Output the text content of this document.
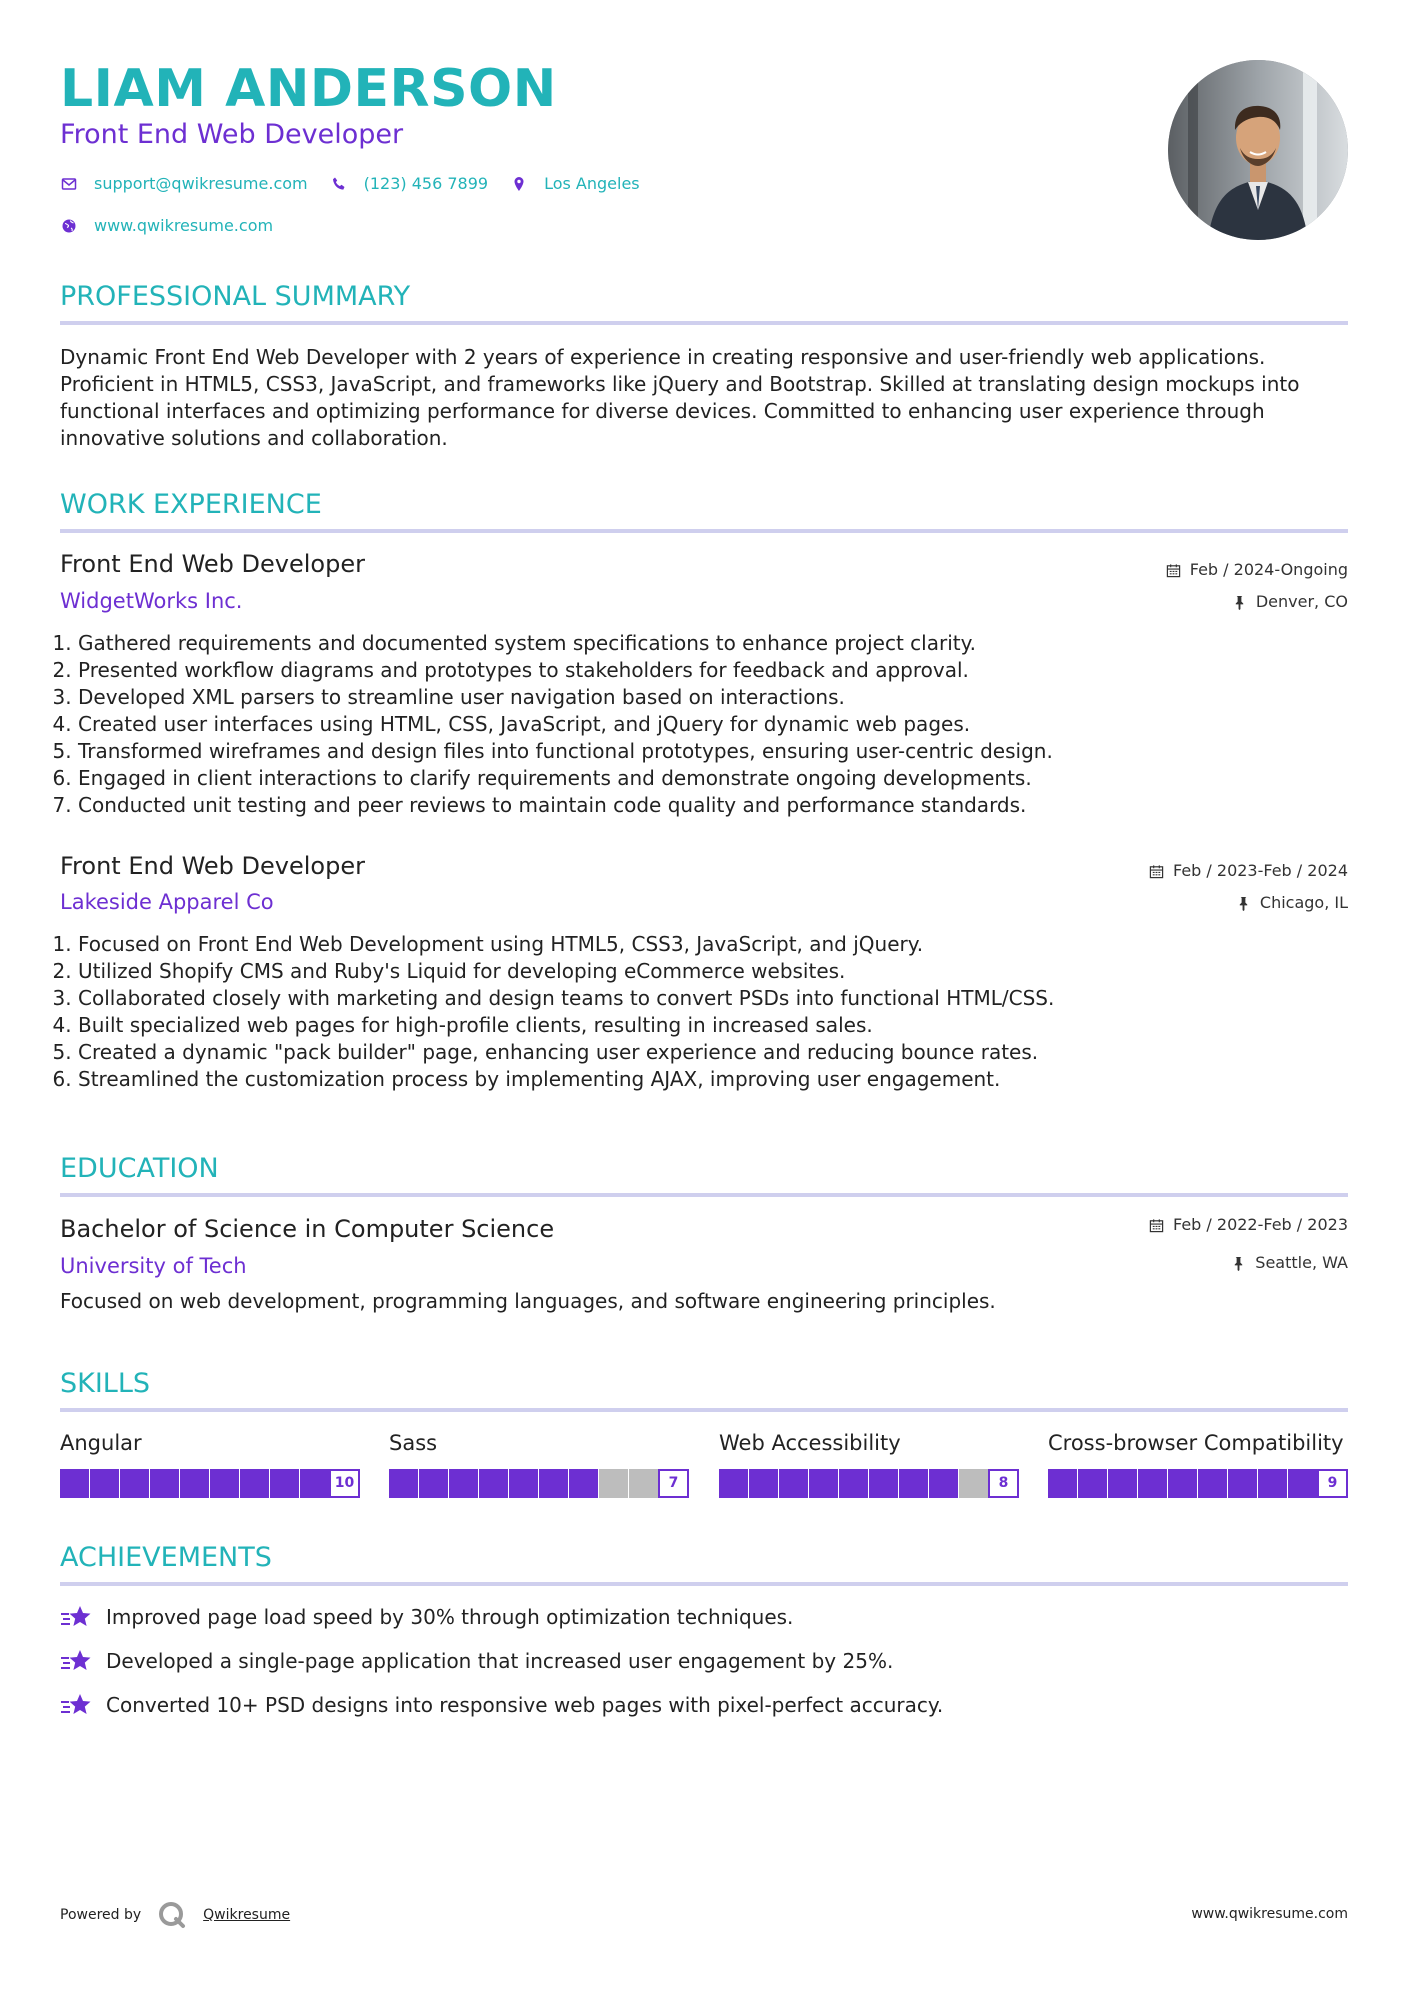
LIAM ANDERSON
Front End Web Developer
support@qwikresume.com	(123) 456 7899	Los Angeles
www.qwikresume.com
PROFESSIONAL SUMMARY
Dynamic Front End Web Developer with 2 years of experience in creating responsive and user-friendly web applications. Proficient in HTML5, CSS3, JavaScript, and frameworks like jQuery and Bootstrap. Skilled at translating design mockups into functional interfaces and optimizing performance for diverse devices. Committed to enhancing user experience through innovative solutions and collaboration.
WORK EXPERIENCE
Front End Web Developer
WidgetWorks Inc.
Feb / 2024-Ongoing
Denver, CO
1. Gathered requirements and documented system specifications to enhance project clarity.
2. Presented workflow diagrams and prototypes to stakeholders for feedback and approval.
3. Developed XML parsers to streamline user navigation based on interactions.
4. Created user interfaces using HTML, CSS, JavaScript, and jQuery for dynamic web pages.
5. Transformed wireframes and design files into functional prototypes, ensuring user-centric design.
6. Engaged in client interactions to clarify requirements and demonstrate ongoing developments.
7. Conducted unit testing and peer reviews to maintain code quality and performance standards.
Front End Web Developer
Lakeside Apparel Co
Feb / 2023-Feb / 2024
Chicago, IL
1. Focused on Front End Web Development using HTML5, CSS3, JavaScript, and jQuery.
2. Utilized Shopify CMS and Ruby's Liquid for developing eCommerce websites.
3. Collaborated closely with marketing and design teams to convert PSDs into functional HTML/CSS.
4. Built specialized web pages for high-profile clients, resulting in increased sales.
5. Created a dynamic "pack builder" page, enhancing user experience and reducing bounce rates.
6. Streamlined the customization process by implementing AJAX, improving user engagement.
EDUCATION
Bachelor of Science in Computer Science
University of Tech
Feb / 2022-Feb / 2023
Seattle, WA
Focused on web development, programming languages, and software engineering principles.
SKILLS
Angular
10
Sass
7
Web Accessibility
8
Cross-browser Compatibility
9
ACHIEVEMENTS
Improved page load speed by 30% through optimization techniques.
Developed a single-page application that increased user engagement by 25%.
Converted 10+ PSD designs into responsive web pages with pixel-perfect accuracy.
Powered by	Qwikresume	www.qwikresume.com
